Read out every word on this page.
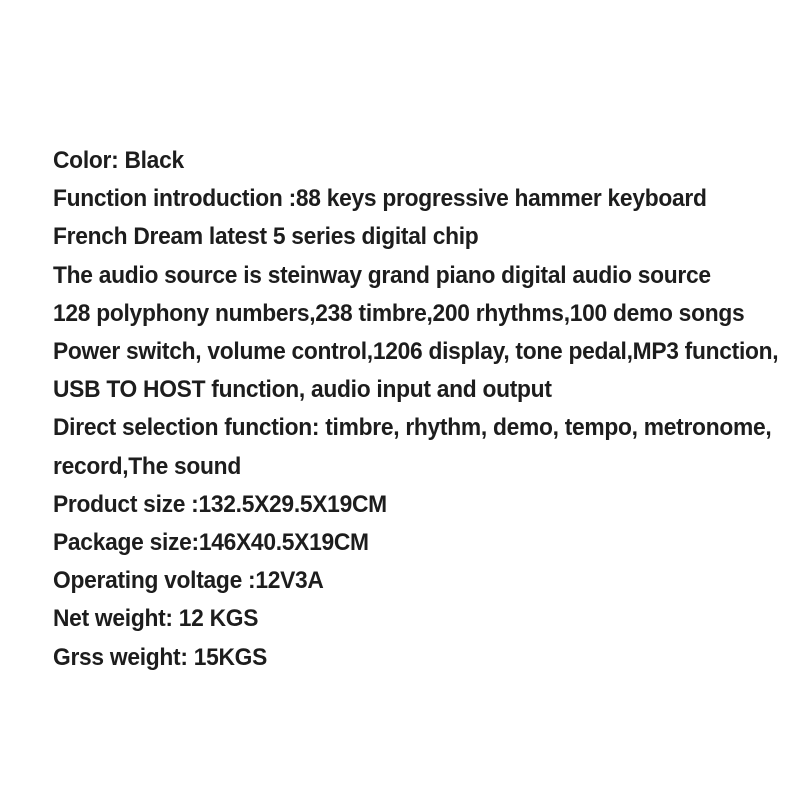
Color: Black
Function introduction :88 keys progressive hammer keyboard
French Dream latest 5 series digital chip
The audio source is steinway grand piano digital audio source
128 polyphony numbers,238 timbre,200 rhythms,100 demo songs
Power switch, volume control,1206 display, tone pedal,MP3 function,
USB TO HOST function, audio input and output
Direct selection function: timbre, rhythm, demo, tempo, metronome,
record,The sound
Product size :132.5X29.5X19CM
Package size:146X40.5X19CM
Operating voltage :12V3A
Net weight: 12 KGS
Grss weight: 15KGS
